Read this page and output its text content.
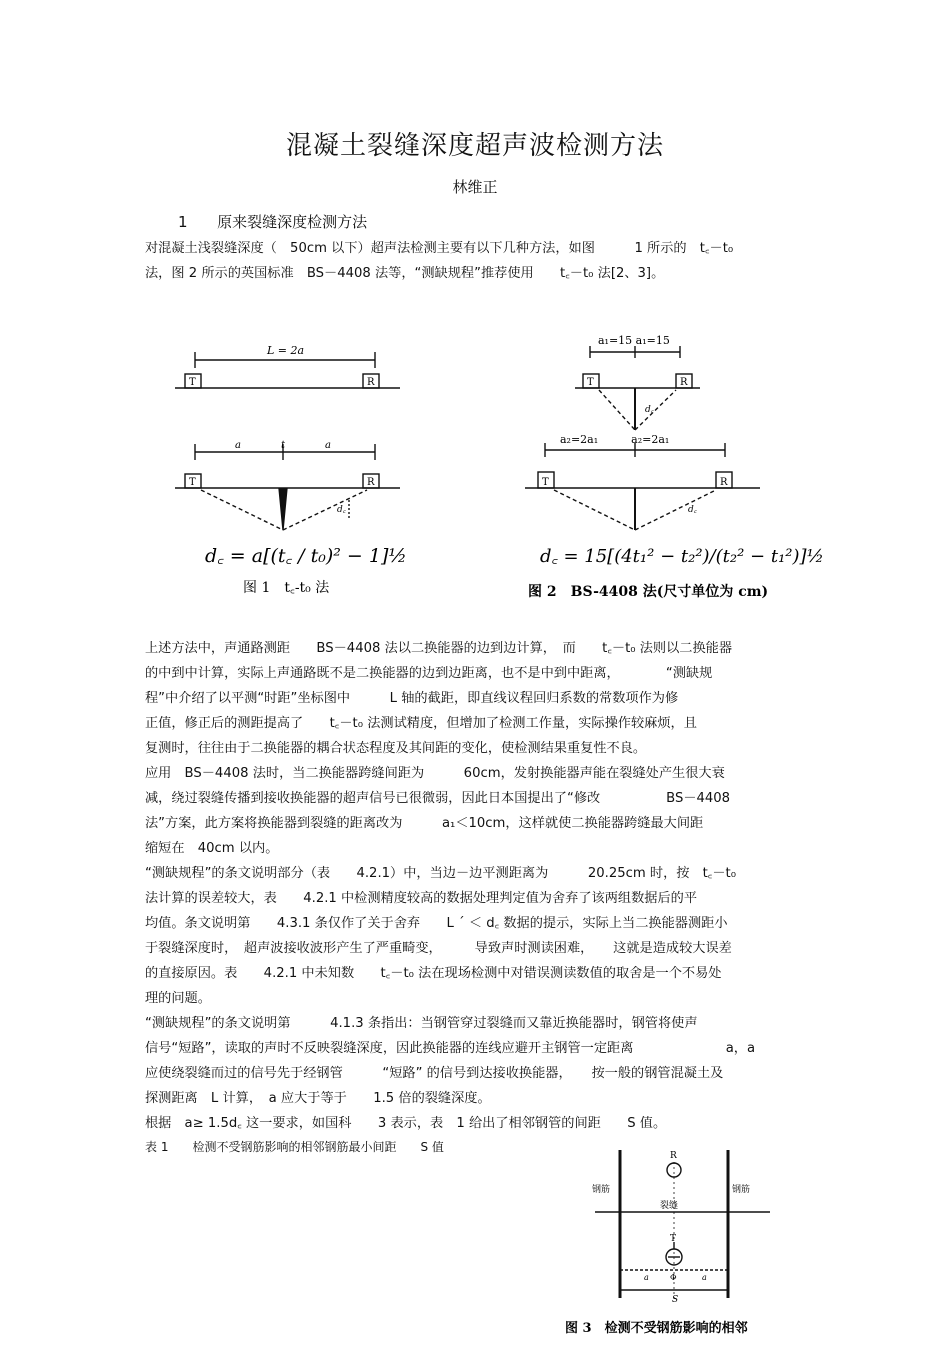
混凝土裂缝深度超声波检测方法
林维正
1 原来裂缝深度检测方法

对混凝土浅裂缝深度（　50cm 以下）超声法检测主要有以下几种方法，如图　　　1 所示的　t꜀－t₀

法，图 2 所示的英国标准　BS－4408 法等，“测缺规程”推荐使用　　t꜀－t₀ 法[2、3]。

L = 2a
T	R
a	t	a
T	R
d꜀
d꜀ = a[(t꜀ / t₀)² − 1]½
图 1　t꜀-t₀ 法
a₁=15 a₁=15
T	R
d꜀
a₂=2a₁　　　a₂=2a₁
T	R
d꜀
d꜀ = 15[(4t₁² − t₂²)/(t₂² − t₁²)]½
图 2　BS-4408 法(尺寸单位为 cm)

上述方法中，声通路测距　　BS－4408 法以二换能器的边到边计算，　而　　t꜀－t₀ 法则以二换能器

的中到中计算，实际上声通路既不是二换能器的边到边距离，也不是中到中距离，　　　　“测缺规

程”中介绍了以平测“时距”坐标图中　　　L 轴的截距，即直线议程回归系数的常数项作为修

正值，修正后的测距提高了　　t꜀－t₀ 法测试精度，但增加了检测工作量，实际操作较麻烦，且

复测时，往往由于二换能器的耦合状态程度及其间距的变化，使检测结果重复性不良。

应用　BS－4408 法时，当二换能器跨缝间距为　　　60cm，发射换能器声能在裂缝处产生很大衰

减，绕过裂缝传播到接收换能器的超声信号已很微弱，因此日本国提出了“修改　　　　　BS－4408

法”方案，此方案将换能器到裂缝的距离改为　　　a₁＜10cm，这样就使二换能器跨缝最大间距

缩短在　40cm 以内。

“测缺规程”的条文说明部分（表　　4.2.1）中，当边－边平测距离为　　　20.25cm 时，按　t꜀－t₀

法计算的误差较大，表　　4.2.1 中检测精度较高的数据处理判定值为舍弃了该两组数据后的平

均值。条文说明第　　4.3.1 条仅作了关于舍弃　　L ´ ＜ d꜀ 数据的提示，实际上当二换能器测距小

于裂缝深度时，　超声波接收波形产生了严重畸变，　　　导致声时测读困难，　　这就是造成较大误差

的直接原因。表　　4.2.1 中未知数　　t꜀－t₀ 法在现场检测中对错误测读数值的取舍是一个不易处

理的问题。

“测缺规程”的条文说明第　　　4.1.3 条指出：当钢管穿过裂缝而又靠近换能器时，钢管将使声

信号“短路”，读取的声时不反映裂缝深度，因此换能器的连线应避开主钢管一定距离　　　　　　　a，a

应使绕裂缝而过的信号先于经钢管　　　“短路” 的信号到达接收换能器，　　按一般的钢管混凝土及

探测距离　L 计算，　a 应大于等于　　1.5 倍的裂缝深度。

根据　a≥ 1.5d꜀ 这一要求，如国科　　3 表示，表　1 给出了相邻钢管的间距　　S 值。

表 1　　检测不受钢筋影响的相邻钢筋最小间距　　S 值
R
T
钢筋	钢筋
裂缝
a	Φ	a
S
图 3　检测不受钢筋影响的相邻
